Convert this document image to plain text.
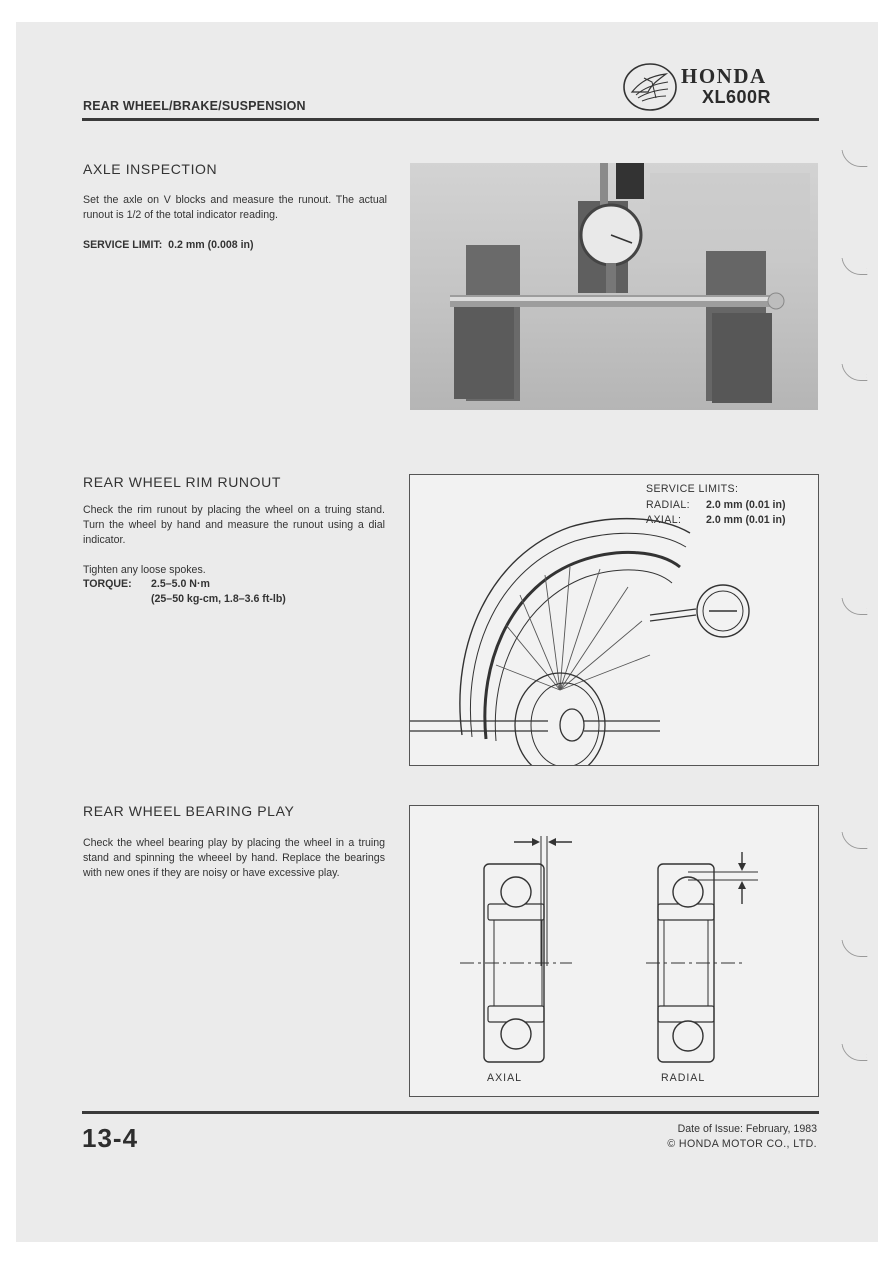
REAR WHEEL/BRAKE/SUSPENSION
HONDA
XL600R
AXLE INSPECTION
Set the axle on V blocks and measure the runout. The actual runout is 1/2 of the total indicator reading.
SERVICE LIMIT: 0.2 mm (0.008 in)
REAR WHEEL RIM RUNOUT
Check the rim runout by placing the wheel on a truing stand. Turn the wheel by hand and measure the runout using a dial indicator.
Tighten any loose spokes.
TORQUE: 2.5–5.0 N·m
(25–50 kg-cm, 1.8–3.6 ft-lb)
SERVICE LIMITS:
RADIAL: 2.0 mm (0.01 in)
AXIAL: 2.0 mm (0.01 in)
REAR WHEEL BEARING PLAY
Check the wheel bearing play by placing the wheel in a truing stand and spinning the wheeel by hand. Replace the bearings with new ones if they are noisy or have excessive play.
AXIAL	RADIAL
13-4	Date of Issue: February, 1983
© HONDA MOTOR CO., LTD.
